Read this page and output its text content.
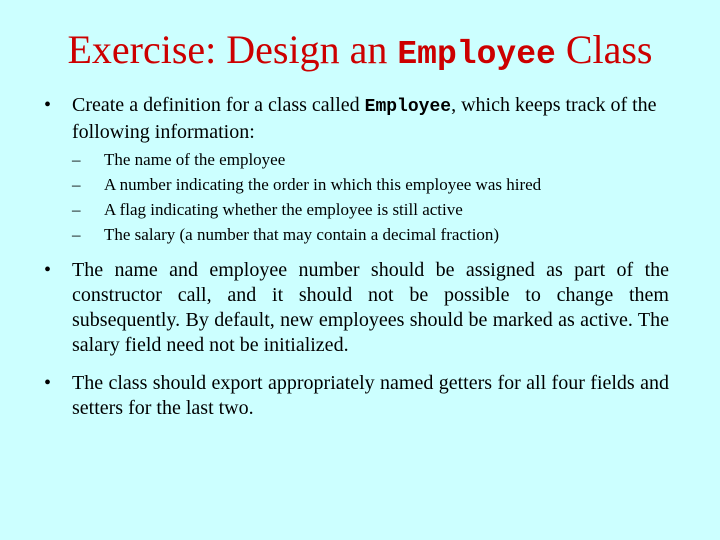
Exercise: Design an Employee Class
•	Create a definition for a class called Employee, which keeps track of the following information:
– The name of the employee
– A number indicating the order in which this employee was hired
– A flag indicating whether the employee is still active
– The salary (a number that may contain a decimal fraction)
•	The name and employee number should be assigned as part of the constructor call, and it should not be possible to change them subsequently. By default, new employees should be marked as active. The salary field need not be initialized.
•	The class should export appropriately named getters for all four fields and setters for the last two.
